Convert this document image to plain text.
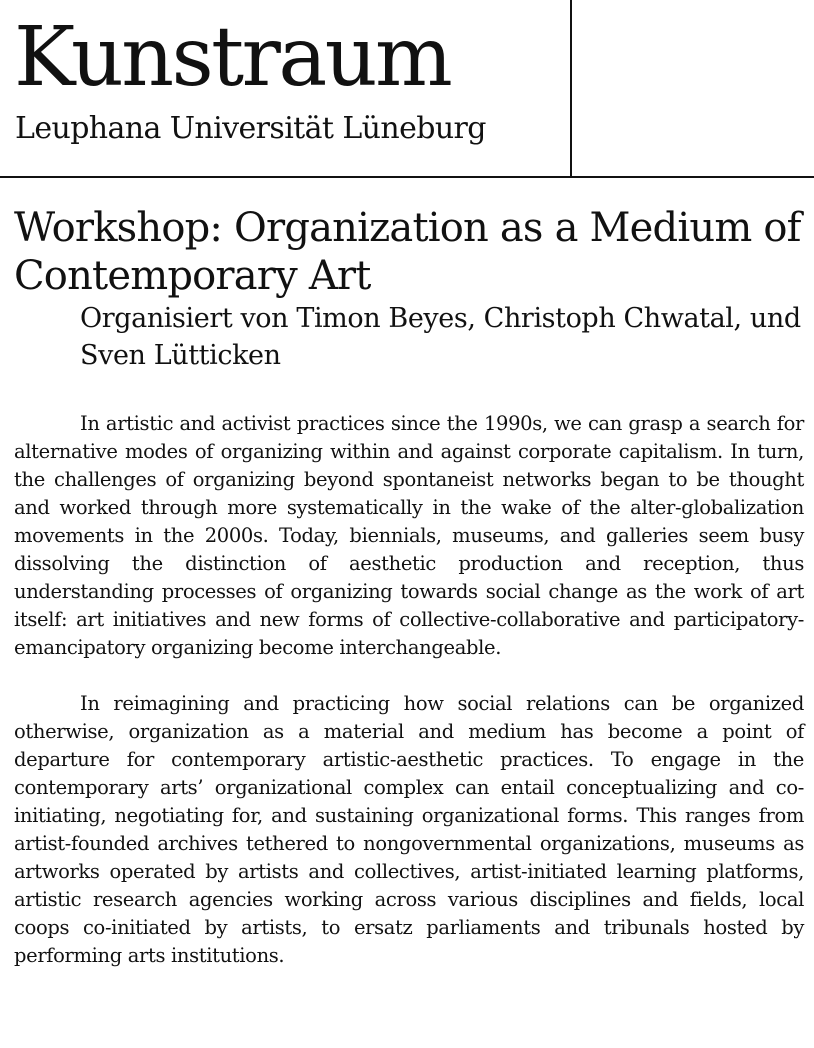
Kunstraum
Leuphana Universität Lüneburg
Workshop: Organization as a Medium of Contemporary Art
Organisiert von Timon Beyes, Christoph Chwatal, und Sven Lütticken

In artistic and activist practices since the 1990s, we can grasp a search for alternative modes of organizing within and against corporate capitalism. In turn, the challenges of organizing beyond spontaneist networks began to be thought and worked through more systematically in the wake of the alter-globalization movements in the 2000s. Today, biennials, museums, and galleries seem busy dissolving the distinction of aesthetic production and reception, thus understanding processes of organizing towards social change as the work of art itself: art initiatives and new forms of collective-collaborative and participatory-emancipatory organizing become interchangeable.

In reimagining and practicing how social relations can be organized otherwise, organization as a material and medium has become a point of departure for contemporary artistic-aesthetic practices. To engage in the contemporary arts’ organizational complex can entail conceptualizing and co-initiating, negotiating for, and sustaining organizational forms. This ranges from artist-founded archives tethered to nongovernmental organizations, museums as artworks operated by artists and collectives, artist-initiated learning platforms, artistic research agencies working across various disciplines and fields, local coops co-initiated by artists, to ersatz parliaments and tribunals hosted by performing arts institutions.
